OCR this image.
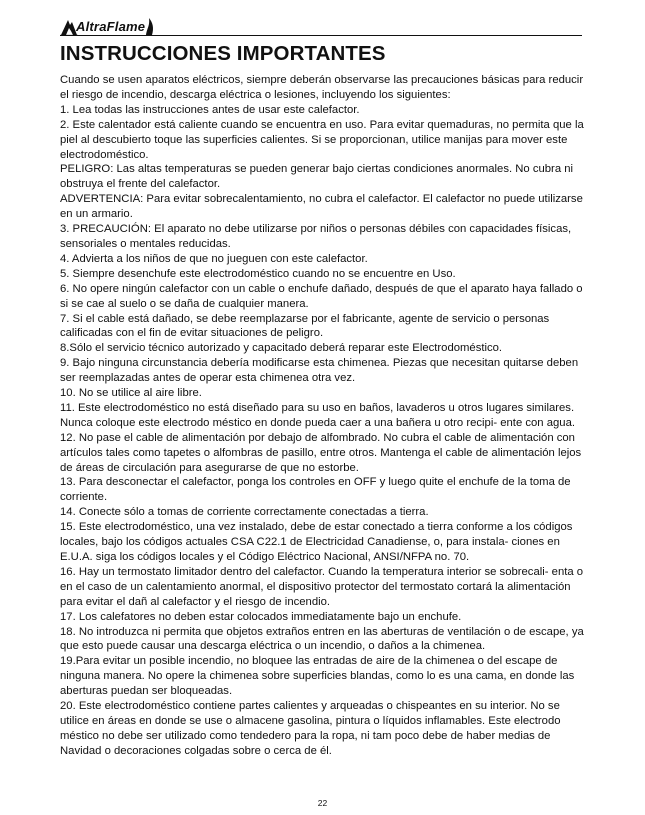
AltraFlame
INSTRUCCIONES IMPORTANTES

Cuando se usen aparatos eléctricos, siempre deberán observarse las precauciones básicas para reducir el riesgo de incendio, descarga eléctrica o lesiones, incluyendo los siguientes:

1. Lea todas las instrucciones antes de usar este calefactor.

2. Este calentador está caliente cuando se encuentra en uso. Para evitar quemaduras, no permita que la piel al descubierto toque las superficies calientes. Si se proporcionan, utilice manijas para mover este electrodoméstico.

PELIGRO: Las altas temperaturas se pueden generar bajo ciertas condiciones anormales. No cubra ni obstruya el frente del calefactor.

ADVERTENCIA: Para evitar sobrecalentamiento, no cubra el calefactor. El calefactor no puede utilizarse en un armario.

3. PRECAUCIÓN: El aparato no debe utilizarse por niños o personas débiles con capacidades físicas, sensoriales o mentales reducidas.

4. Advierta a los niños de que no jueguen con este calefactor.

5. Siempre desenchufe este electrodoméstico cuando no se encuentre en Uso.

6. No opere ningún calefactor con un cable o enchufe dañado, después de que el aparato haya fallado o si se cae al suelo o se daña de cualquier manera.

7. Si el cable está dañado, se debe reemplazarse por el fabricante, agente de servicio o personas calificadas con el fin de evitar situaciones de peligro.

8.Sólo el servicio técnico autorizado y capacitado deberá reparar este Electrodoméstico.

9. Bajo ninguna circunstancia debería modificarse esta chimenea. Piezas que necesitan quitarse deben ser reemplazadas antes de operar esta chimenea otra vez.

10. No se utilice al aire libre.

11. Este electrodoméstico no está diseñado para su uso en baños, lavaderos u otros lugares similares. Nunca coloque este electrodo méstico en donde pueda caer a una bañera u otro recipi- ente con agua.

12. No pase el cable de alimentación por debajo de alfombrado. No cubra el cable de alimentación con artículos tales como tapetes o alfombras de pasillo, entre otros. Mantenga el cable de alimentación lejos de áreas de circulación para asegurarse de que no estorbe.

13. Para desconectar el calefactor, ponga los controles en OFF y luego quite el enchufe de la toma de corriente.

14. Conecte sólo a tomas de corriente correctamente conectadas a tierra.

15. Este electrodoméstico, una vez instalado, debe de estar conectado a tierra conforme a los códigos locales, bajo los códigos actuales CSA C22.1 de Electricidad Canadiense, o, para instala- ciones en E.U.A. siga los códigos locales y el Código Eléctrico Nacional, ANSI/NFPA no. 70.

16. Hay un termostato limitador dentro del calefactor. Cuando la temperatura interior se sobrecali- enta o en el caso de un calentamiento anormal, el dispositivo protector del termostato cortará la alimentación para evitar el dañ al calefactor y el riesgo de incendio.

17. Los calefatores no deben estar colocados immediatamente bajo un enchufe.

18. No introduzca ni permita que objetos extraños entren en las aberturas de ventilación o de escape, ya que esto puede causar una descarga eléctrica o un incendio, o daños a la chimenea.

19.Para evitar un posible incendio, no bloquee las entradas de aire de la chimenea o del escape de ninguna manera. No opere la chimenea sobre superficies blandas, como lo es una cama, en donde las aberturas puedan ser bloqueadas.

20. Este electrodoméstico contiene partes calientes y arqueadas o chispeantes en su interior. No se utilice en áreas en donde se use o almacene gasolina, pintura o líquidos inflamables. Este electrodo méstico no debe ser utilizado como tendedero para la ropa, ni tam poco debe de haber medias de Navidad o decoraciones colgadas sobre o cerca de él.

22
